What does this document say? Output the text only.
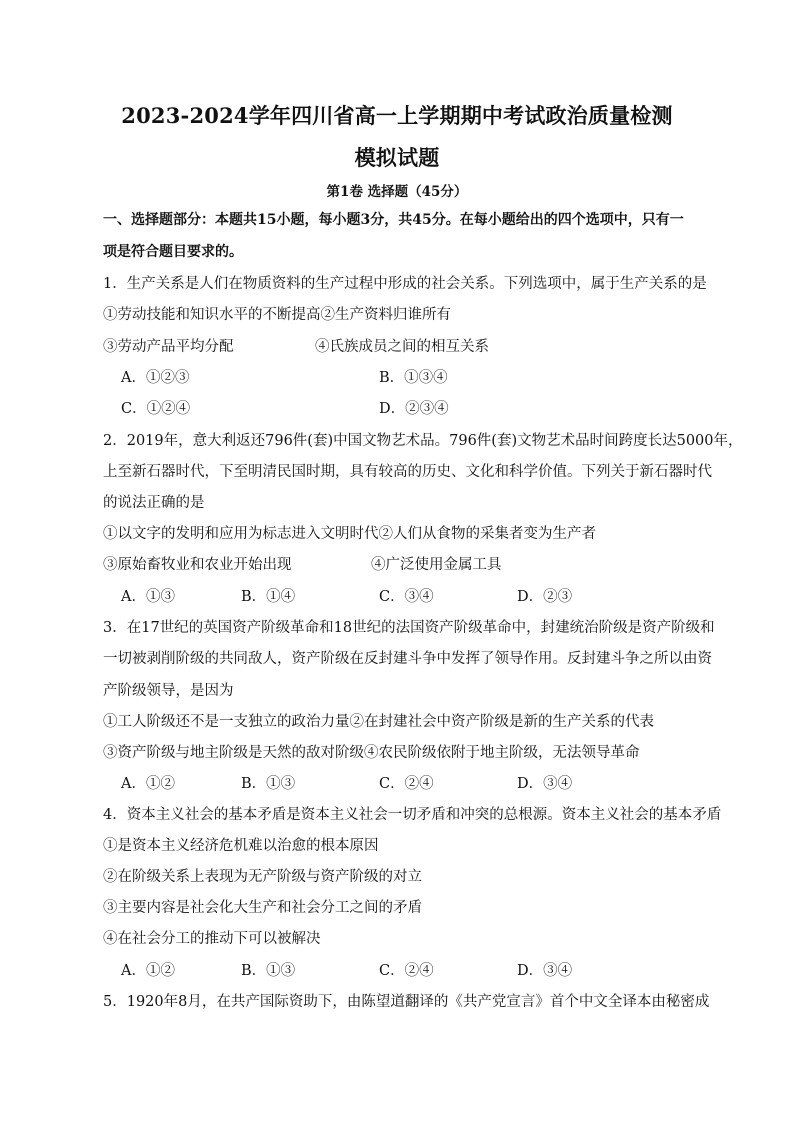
2023-2024学年四川省高一上学期期中考试政治质量检测
模拟试题
第1卷 选择题（45分）
一、选择题部分：本题共15小题，每小题3分，共45分。在每小题给出的四个选项中，只有一
项是符合题目要求的。
1．生产关系是人们在物质资料的生产过程中形成的社会关系。下列选项中，属于生产关系的是
①劳动技能和知识水平的不断提高②生产资料归谁所有
③劳动产品平均分配	④氏族成员之间的相互关系
A．①②③	B．①③④
C．①②④	D．②③④
2．2019年，意大利返还796件(套)中国文物艺术品。796件(套)文物艺术品时间跨度长达5000年，
上至新石器时代，下至明清民国时期，具有较高的历史、文化和科学价值。下列关于新石器时代
的说法正确的是
①以文字的发明和应用为标志进入文明时代②人们从食物的采集者变为生产者
③原始畜牧业和农业开始出现	④广泛使用金属工具
A．①③	B．①④	C．③④	D．②③
3．在17世纪的英国资产阶级革命和18世纪的法国资产阶级革命中，封建统治阶级是资产阶级和
一切被剥削阶级的共同敌人，资产阶级在反封建斗争中发挥了领导作用。反封建斗争之所以由资
产阶级领导，是因为
①工人阶级还不是一支独立的政治力量②在封建社会中资产阶级是新的生产关系的代表
③资产阶级与地主阶级是天然的敌对阶级④农民阶级依附于地主阶级，无法领导革命
A．①②	B．①③	C．②④	D．③④
4．资本主义社会的基本矛盾是资本主义社会一切矛盾和冲突的总根源。资本主义社会的基本矛盾
①是资本主义经济危机难以治愈的根本原因
②在阶级关系上表现为无产阶级与资产阶级的对立
③主要内容是社会化大生产和社会分工之间的矛盾
④在社会分工的推动下可以被解决
A．①②	B．①③	C．②④	D．③④
5．1920年8月，在共产国际资助下，由陈望道翻译的《共产党宣言》首个中文全译本由秘密成
